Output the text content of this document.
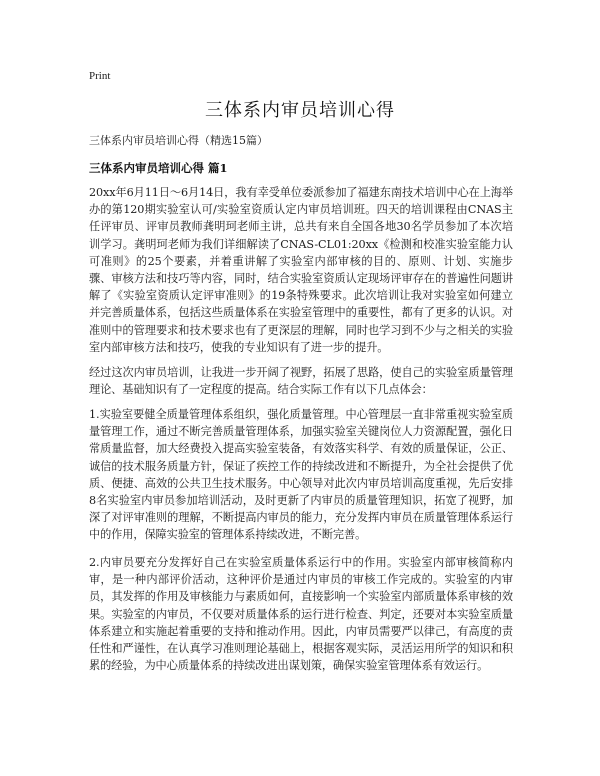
Print
三体系内审员培训心得
三体系内审员培训心得（精选15篇）
三体系内审员培训心得 篇1

20xx年6月11日～6月14日，我有幸受单位委派参加了福建东南技术培训中心在上海举办的第120期实验室认可/实验室资质认定内审员培训班。四天的培训课程由CNAS主任评审员、评审员教师龚明珂老师主讲，总共有来自全国各地30名学员参加了本次培训学习。龚明珂老师为我们详细解读了CNAS-CL01:20xx《检测和校准实验室能力认可准则》的25个要素，并着重讲解了实验室内部审核的目的、原则、计划、实施步骤、审核方法和技巧等内容，同时，结合实验室资质认定现场评审存在的普遍性问题讲解了《实验室资质认定评审准则》的19条特殊要求。此次培训让我对实验室如何建立并完善质量体系，包括这些质量体系在实验室管理中的重要性，都有了更多的认识。对准则中的管理要求和技术要求也有了更深层的理解，同时也学习到不少与之相关的实验室内部审核方法和技巧，使我的专业知识有了进一步的提升。

经过这次内审员培训，让我进一步开阔了视野，拓展了思路，使自己的实验室质量管理理论、基础知识有了一定程度的提高。结合实际工作有以下几点体会：

1.实验室要健全质量管理体系组织，强化质量管理。中心管理层一直非常重视实验室质量管理工作，通过不断完善质量管理体系，加强实验室关键岗位人力资源配置，强化日常质量监督，加大经费投入提高实验室装备，有效落实科学、有效的质量保证，公正、诚信的技术服务质量方针，保证了疾控工作的持续改进和不断提升，为全社会提供了优质、便捷、高效的公共卫生技术服务。中心领导对此次内审员培训高度重视，先后安排8名实验室内审员参加培训活动，及时更新了内审员的质量管理知识，拓宽了视野，加深了对评审准则的理解，不断提高内审员的能力，充分发挥内审员在质量管理体系运行中的作用，保障实验室的管理体系持续改进，不断完善。

2.内审员要充分发挥好自己在实验室质量体系运行中的作用。实验室内部审核简称内审，是一种内部评价活动，这种评价是通过内审员的审核工作完成的。实验室的内审员，其发挥的作用及审核能力与素质如何，直接影响一个实验室内部质量体系审核的效果。实验室的内审员，不仅要对质量体系的运行进行检查、判定，还要对本实验室质量体系建立和实施起着重要的支持和推动作用。因此，内审员需要严以律己，有高度的责任性和严谨性，在认真学习准则理论基础上，根据客观实际，灵活运用所学的知识和积累的经验，为中心质量体系的持续改进出谋划策，确保实验室管理体系有效运行。
